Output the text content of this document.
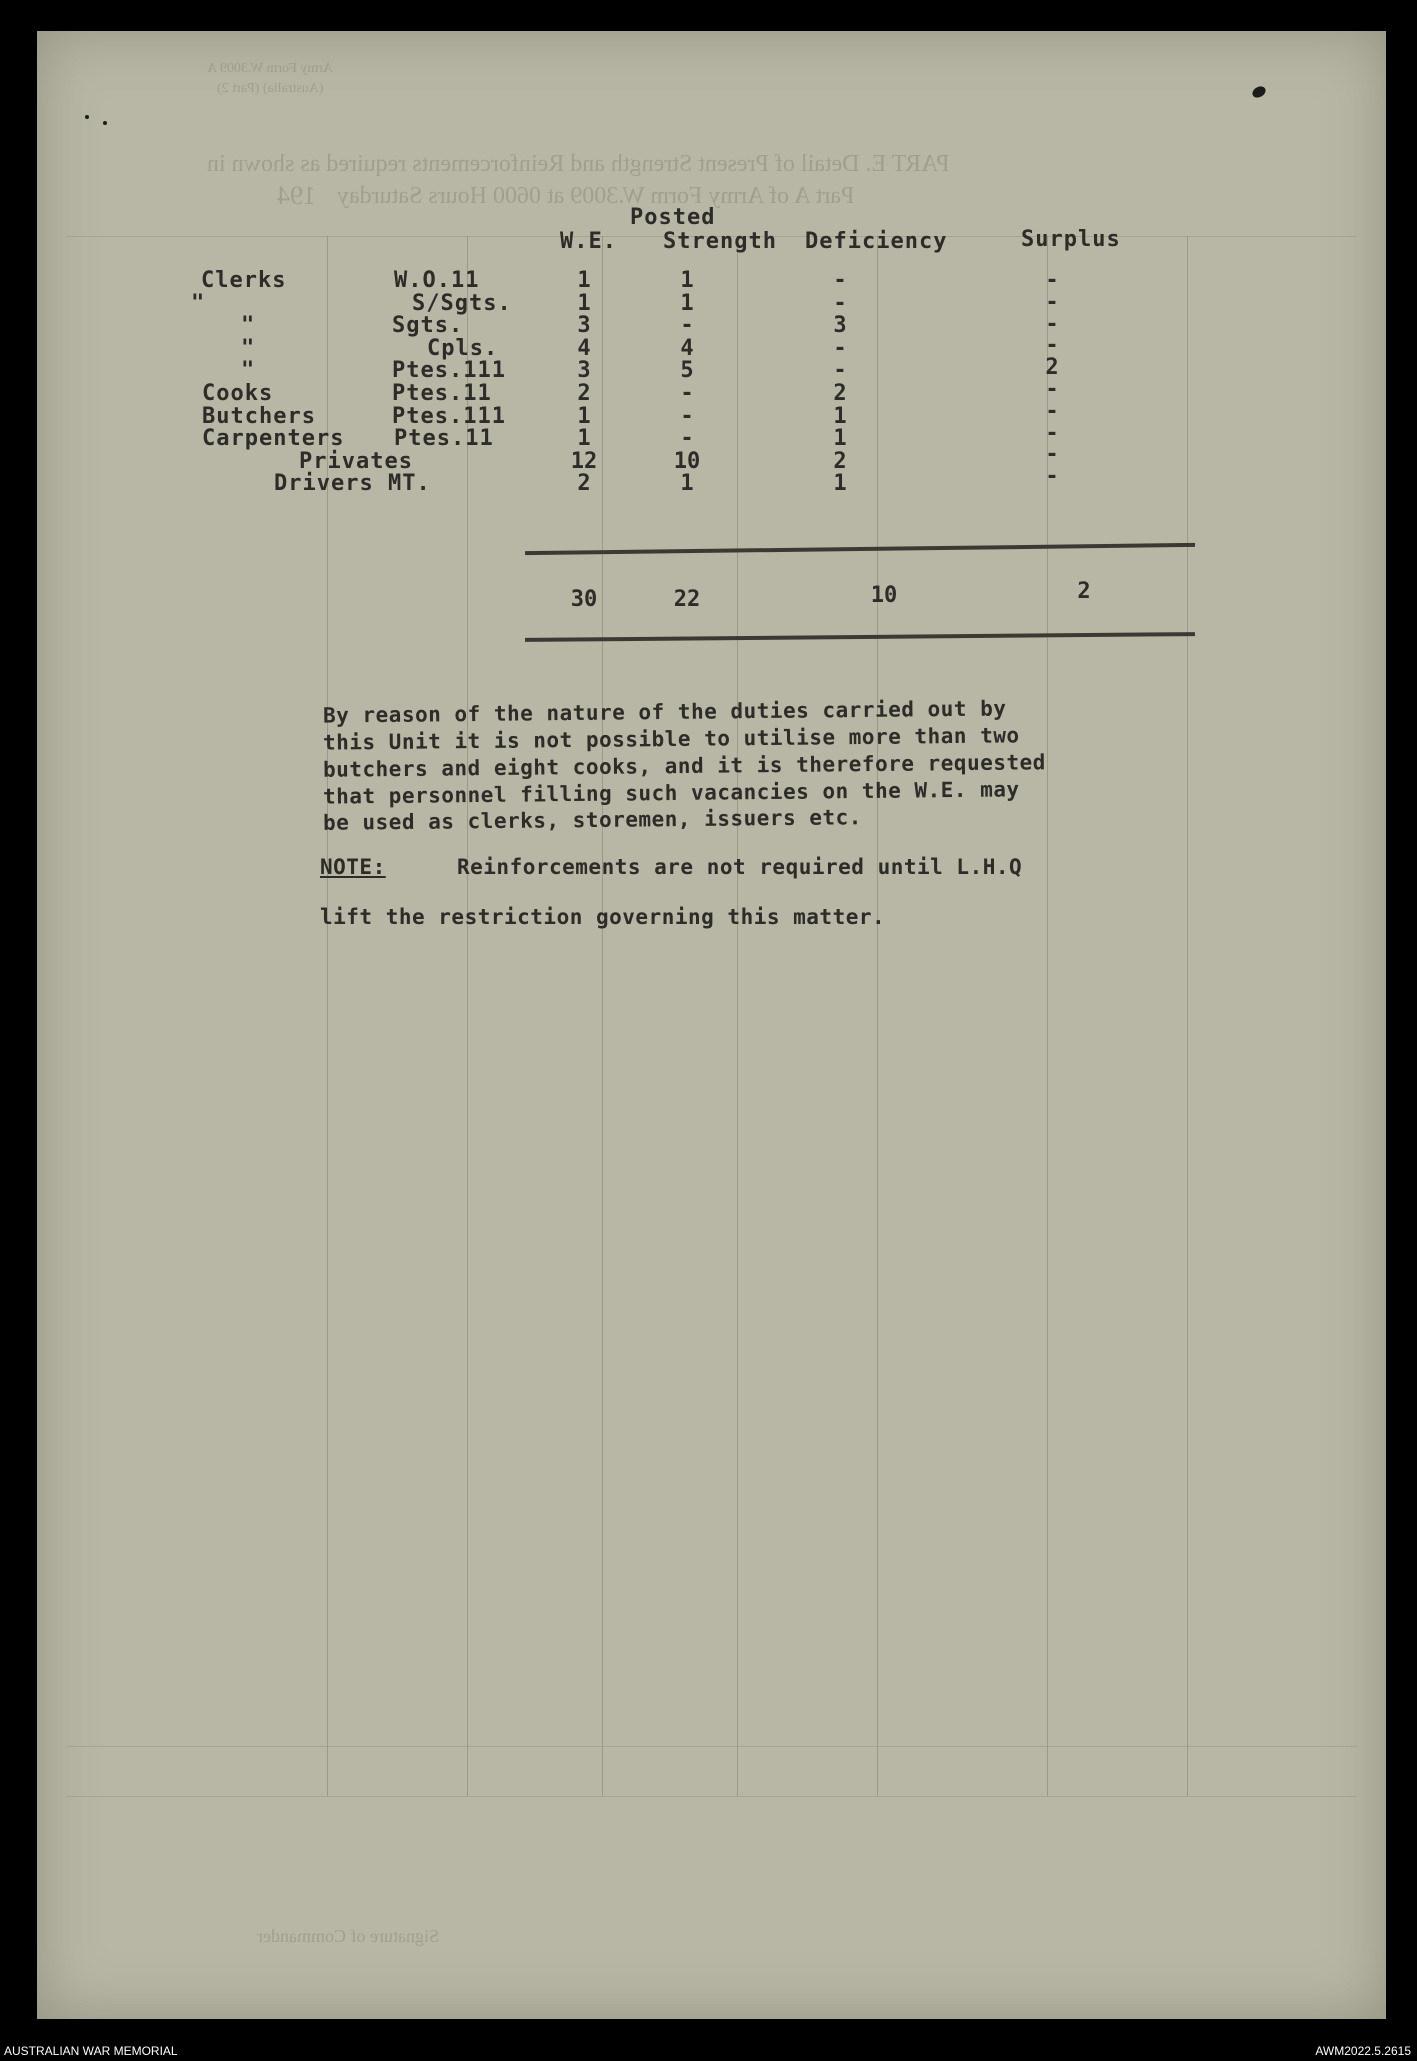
PART E. Detail of Present Strength and Reinforcements required as shown in
Part A of Army Form W.3009 at 0600 Hours Saturday
194
Army Form W.3009 A
(Australia) (Part 2)
Signature of Commander
Posted
W.E. Strength Deficiency	Surplus
Clerks	W.O.11	1	1	-	-
"	S/Sgts.	1	1	-	-
"	Sgts.	3	-	3	-
"	Cpls.	4	4	-	-
"	Ptes.111	3	5	-	2
Cooks	Ptes.11	2	-	2	-
Butchers	Ptes.111	1	-	1	-
Carpenters Ptes.11	1	-	1	-
Privates	12	10	2	-
Drivers MT.	2	1	1	-
30	22	10	2
By reason of the nature of the duties carried out by
this Unit it is not possible to utilise more than two
butchers and eight cooks, and it is therefore requested
that personnel filling such vacancies on the W.E. may
be used as clerks, storemen, issuers etc.
NOTE:	Reinforcements are not required until L.H.Q
lift the restriction governing this matter.
AUSTRALIAN WAR MEMORIAL	AWM2022.5.2615
